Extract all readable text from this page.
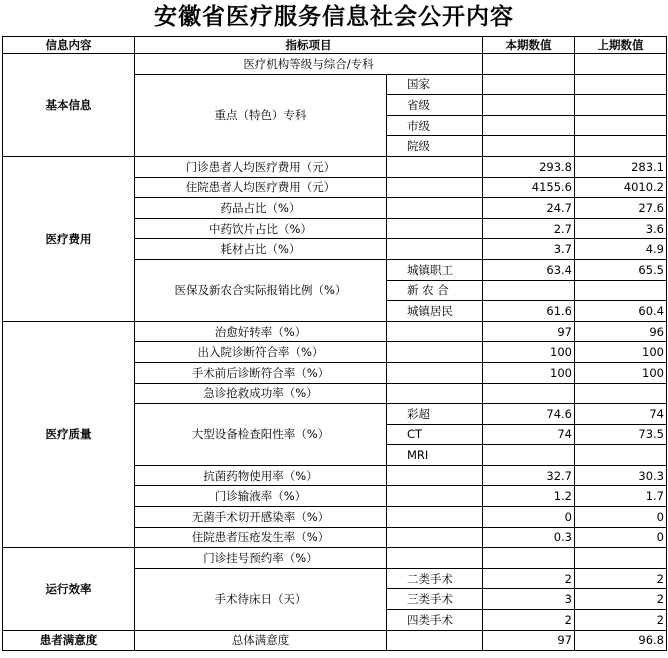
安徽省医疗服务信息社会公开内容
信息内容	指标项目		本期数值	上期数值
基本信息	医疗机构等级与综合/专科			
	重点（特色）专科	国家		
		省级		
		市级		
		院级		
医疗费用	门诊患者人均医疗费用（元）		293.8	283.1
	住院患者人均医疗费用（元）		4155.6	4010.2
	药品占比（%）		24.7	27.6
	中药饮片占比（%）		2.7	3.6
	耗材占比（%）		3.7	4.9
	医保及新农合实际报销比例（%）	城镇职工	63.4	65.5
		新 农 合		
		城镇居民	61.6	60.4
医疗质量	治愈好转率（%）		97	96
	出入院诊断符合率（%）		100	100
	手术前后诊断符合率（%）		100	100
	急诊抢救成功率（%）			
	大型设备检查阳性率（%）	彩超	74.6	74
		CT	74	73.5
		MRI		
	抗菌药物使用率（%）		32.7	30.3
	门诊输液率（%）		1.2	1.7
	无菌手术切开感染率（%）		0	0
	住院患者压疮发生率（%）		0.3	0
运行效率	门诊挂号预约率（%）			
	手术待床日（天）	二类手术	2	2
		三类手术	3	2
		四类手术	2	2
患者满意度	总体满意度		97	96.8
